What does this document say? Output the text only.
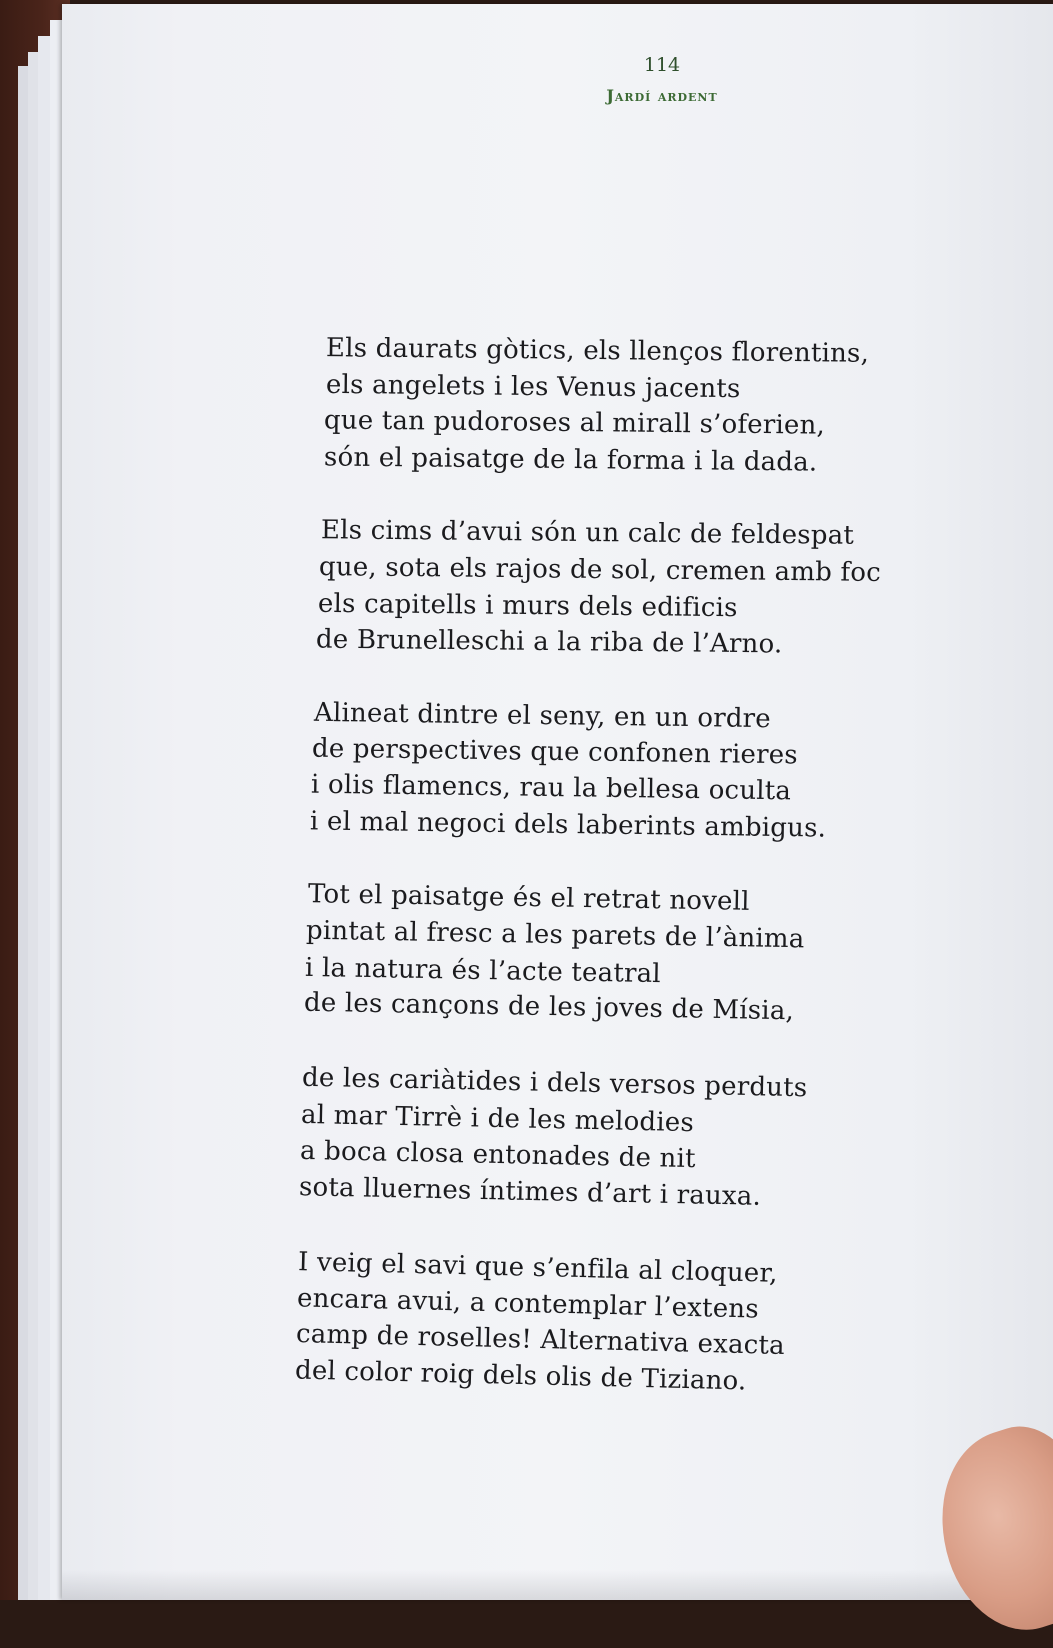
114
Jardí ardent
Els daurats gòtics, els llenços florentins,
els angelets i les Venus jacents
que tan pudoroses al mirall s’oferien,
són el paisatge de la forma i la dada.
Els cims d’avui són un calc de feldespat
que, sota els rajos de sol, cremen amb foc
els capitells i murs dels edificis
de Brunelleschi a la riba de l’Arno.
Alineat dintre el seny, en un ordre
de perspectives que confonen rieres
i olis flamencs, rau la bellesa oculta
i el mal negoci dels laberints ambigus.
Tot el paisatge és el retrat novell
pintat al fresc a les parets de l’ànima
i la natura és l’acte teatral
de les cançons de les joves de Mísia,
de les cariàtides i dels versos perduts
al mar Tirrè i de les melodies
a boca closa entonades de nit
sota lluernes íntimes d’art i rauxa.
I veig el savi que s’enfila al cloquer,
encara avui, a contemplar l’extens
camp de roselles! Alternativa exacta
del color roig dels olis de Tiziano.
